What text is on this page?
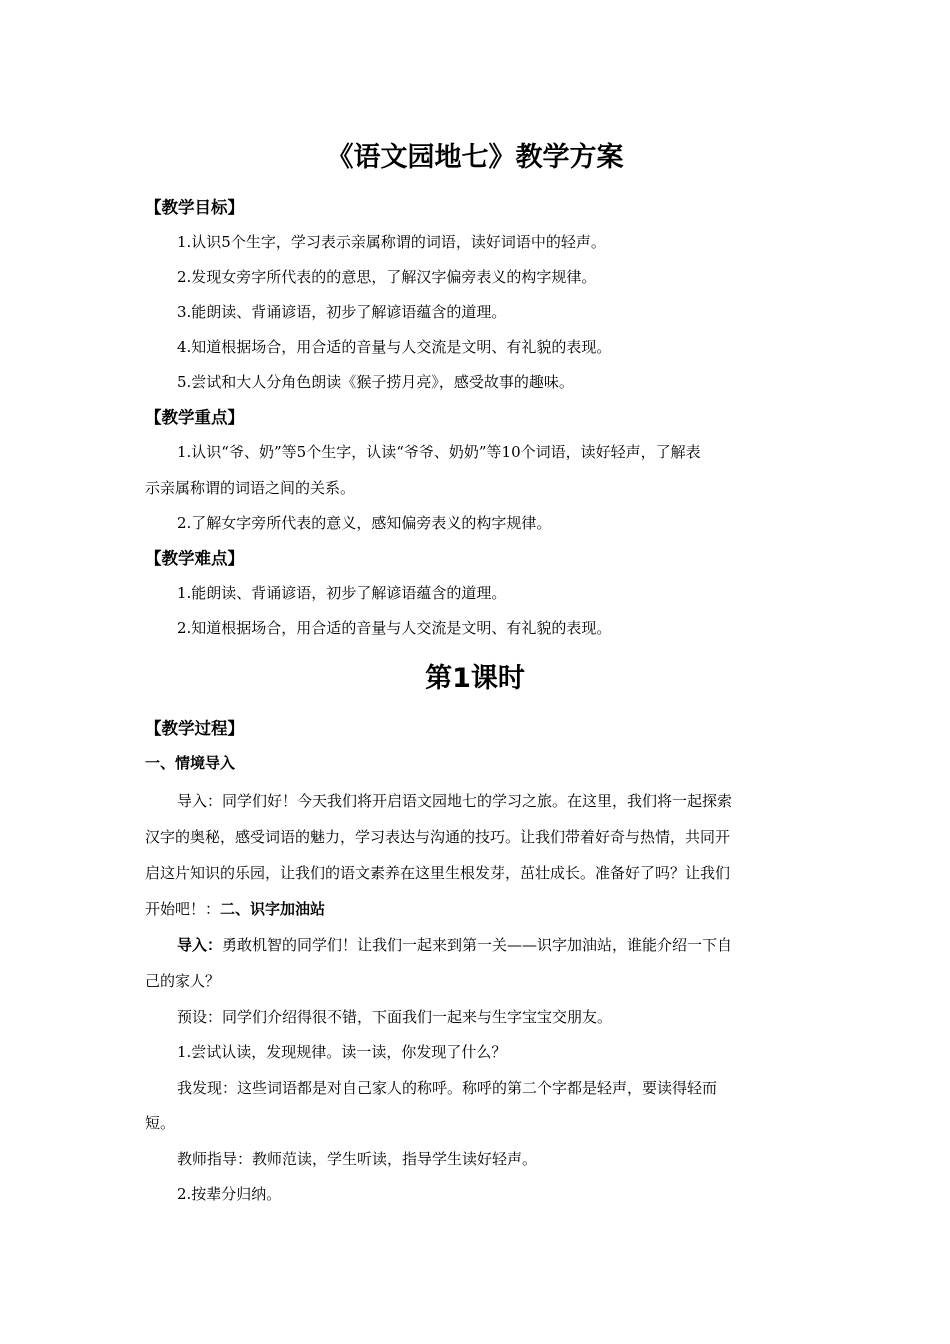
《语文园地七》教学方案
【教学目标】
1.认识5个生字，学习表示亲属称谓的词语，读好词语中的轻声。
2.发现女旁字所代表的的意思，了解汉字偏旁表义的构字规律。
3.能朗读、背诵谚语，初步了解谚语蕴含的道理。
4.知道根据场合，用合适的音量与人交流是文明、有礼貌的表现。
5.尝试和大人分角色朗读《猴子捞月亮》，感受故事的趣味。
【教学重点】
1.认识“爷、奶”等5个生字，认读“爷爷、奶奶”等10个词语，读好轻声，了解表
示亲属称谓的词语之间的关系。
2.了解女字旁所代表的意义，感知偏旁表义的构字规律。
【教学难点】
1.能朗读、背诵谚语，初步了解谚语蕴含的道理。
2.知道根据场合，用合适的音量与人交流是文明、有礼貌的表现。
第1课时
【教学过程】
一、情境导入
导入：同学们好！今天我们将开启语文园地七的学习之旅。在这里，我们将一起探索
汉字的奥秘，感受词语的魅力，学习表达与沟通的技巧。让我们带着好奇与热情，共同开
启这片知识的乐园，让我们的语文素养在这里生根发芽，茁壮成长。准备好了吗？让我们
开始吧！：二、识字加油站
导入：勇敢机智的同学们！让我们一起来到第一关——识字加油站，谁能介绍一下自
己的家人？
预设：同学们介绍得很不错，下面我们一起来与生字宝宝交朋友。
1.尝试认读，发现规律。读一读，你发现了什么？
我发现：这些词语都是对自己家人的称呼。称呼的第二个字都是轻声，要读得轻而
短。
教师指导：教师范读，学生听读，指导学生读好轻声。
2.按辈分归纳。
